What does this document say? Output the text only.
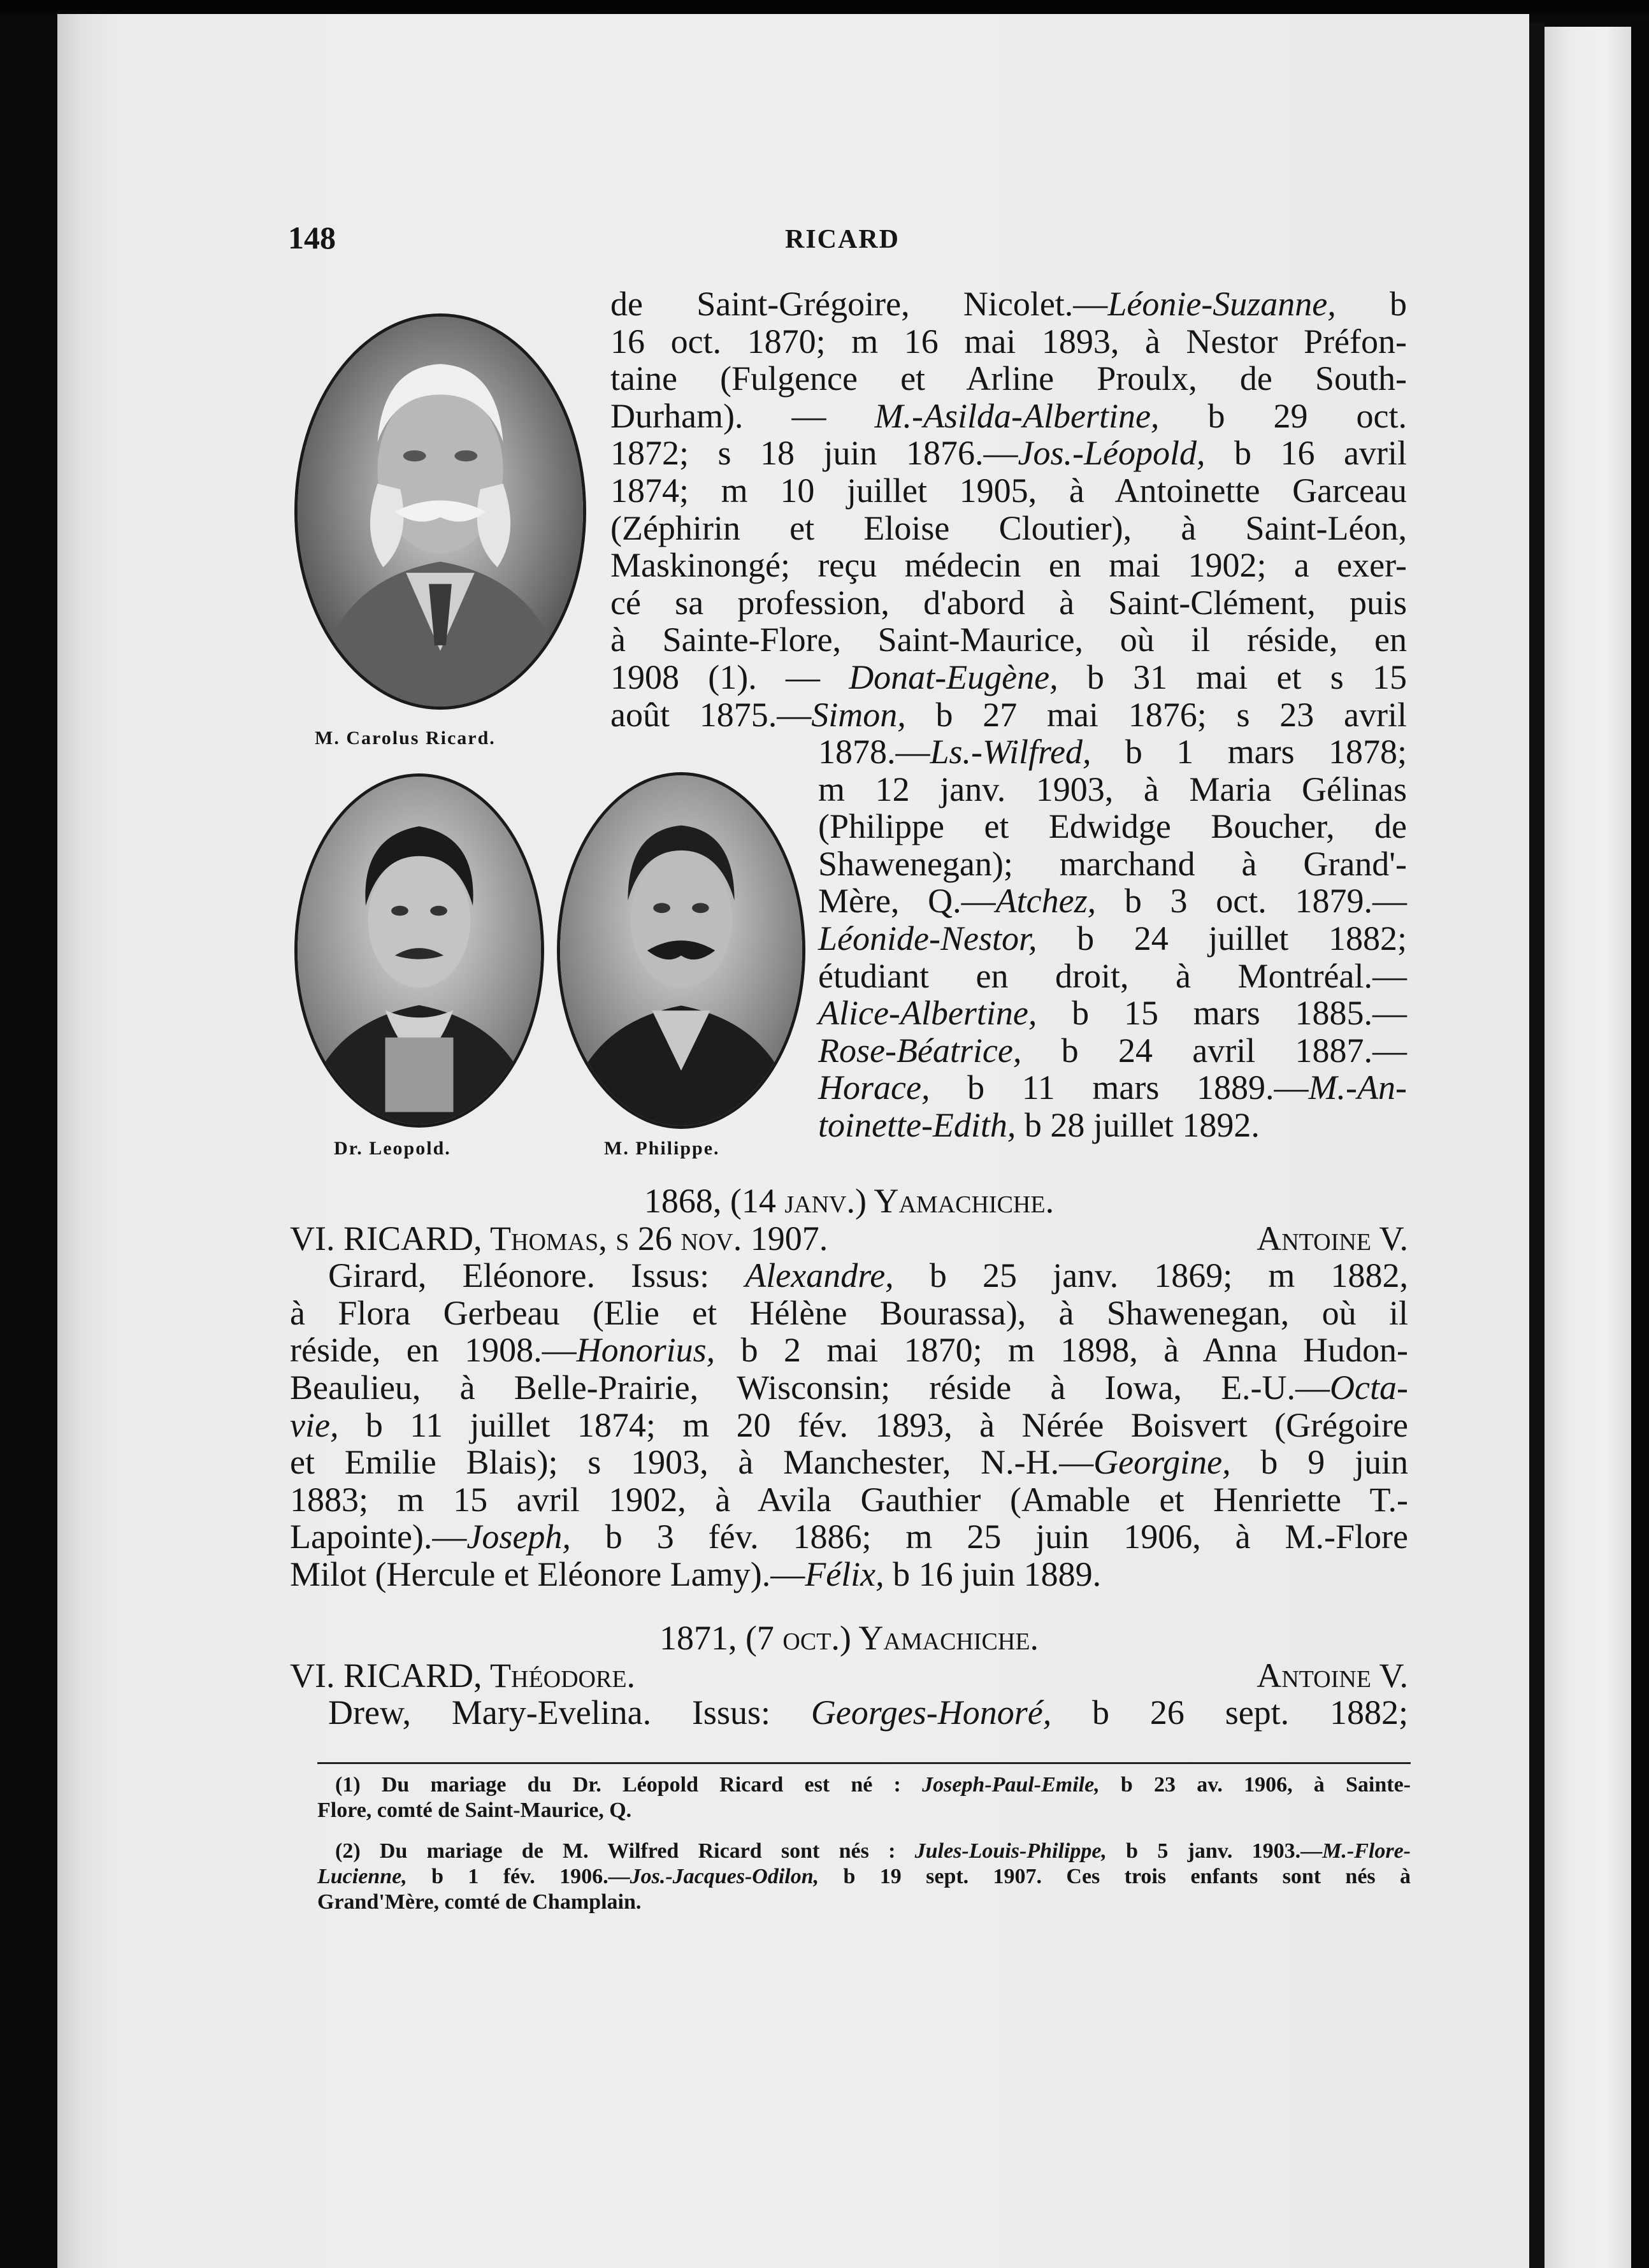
148	RICARD
M. Carolus Ricard.
Dr. Leopold.	M. Philippe.
de Saint-Grégoire, Nicolet.—Léonie-Suzanne, b
16 oct. 1870; m 16 mai 1893, à Nestor Préfon-
taine (Fulgence et Arline Proulx, de South-
Durham). — M.-Asilda-Albertine, b 29 oct.
1872; s 18 juin 1876.—Jos.-Léopold, b 16 avril
1874; m 10 juillet 1905, à Antoinette Garceau
(Zéphirin et Eloise Cloutier), à Saint-Léon,
Maskinongé; reçu médecin en mai 1902; a exer-
cé sa profession, d'abord à Saint-Clément, puis
à Sainte-Flore, Saint-Maurice, où il réside, en
1908 (1). — Donat-Eugène, b 31 mai et s 15
août 1875.—Simon, b 27 mai 1876; s 23 avril
1878.—Ls.-Wilfred, b 1 mars 1878;
m 12 janv. 1903, à Maria Gélinas
(Philippe et Edwidge Boucher, de
Shawenegan); marchand à Grand'-
Mère, Q.—Atchez, b 3 oct. 1879.—
Léonide-Nestor, b 24 juillet 1882;
étudiant en droit, à Montréal.—
Alice-Albertine, b 15 mars 1885.—
Rose-Béatrice, b 24 avril 1887.—
Horace, b 11 mars 1889.—M.-An-
toinette-Edith, b 28 juillet 1892.
1868, (14 janv.) Yamachiche.
VI. RICARD, Thomas, s 26 nov. 1907.	Antoine V.
Girard, Eléonore. Issus: Alexandre, b 25 janv. 1869; m 1882,
à Flora Gerbeau (Elie et Hélène Bourassa), à Shawenegan, où il
réside, en 1908.—Honorius, b 2 mai 1870; m 1898, à Anna Hudon-
Beaulieu, à Belle-Prairie, Wisconsin; réside à Iowa, E.-U.—Octa-
vie, b 11 juillet 1874; m 20 fév. 1893, à Nérée Boisvert (Grégoire
et Emilie Blais); s 1903, à Manchester, N.-H.—Georgine, b 9 juin
1883; m 15 avril 1902, à Avila Gauthier (Amable et Henriette T.-
Lapointe).—Joseph, b 3 fév. 1886; m 25 juin 1906, à M.-Flore
Milot (Hercule et Eléonore Lamy).—Félix, b 16 juin 1889.
1871, (7 oct.) Yamachiche.
VI. RICARD, Théodore.	Antoine V.
Drew, Mary-Evelina. Issus: Georges-Honoré, b 26 sept. 1882;
(1) Du mariage du Dr. Léopold Ricard est né : Joseph-Paul-Emile, b 23 av. 1906, à Sainte-
Flore, comté de Saint-Maurice, Q.
(2) Du mariage de M. Wilfred Ricard sont nés : Jules-Louis-Philippe, b 5 janv. 1903.—M.-Flore-
Lucienne, b 1 fév. 1906.—Jos.-Jacques-Odilon, b 19 sept. 1907. Ces trois enfants sont nés à
Grand'Mère, comté de Champlain.
